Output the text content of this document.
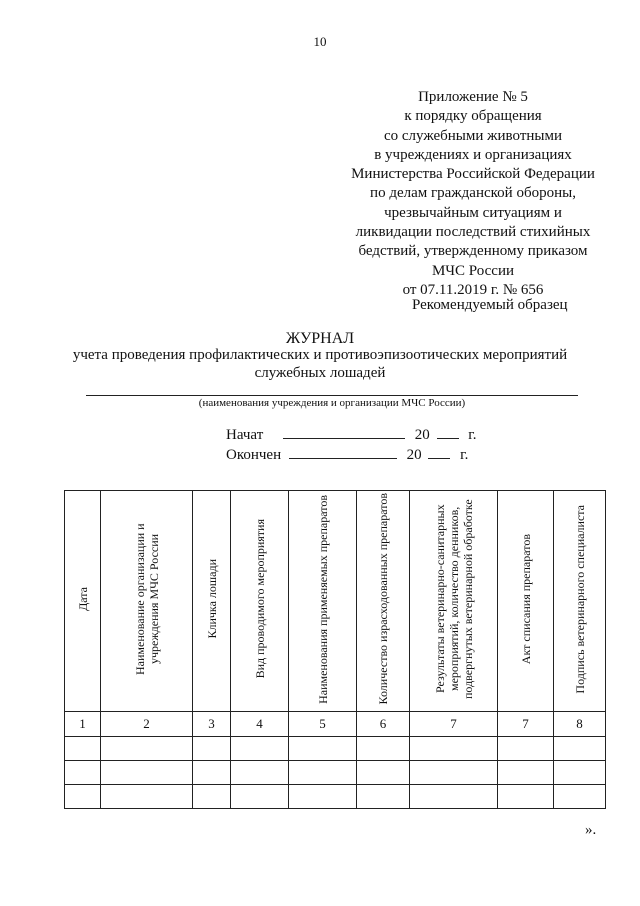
10
Приложение № 5
к порядку обращения
со служебными животными
в учреждениях и организациях
Министерства Российской Федерации
по делам гражданской обороны,
чрезвычайным ситуациям и
ликвидации последствий стихийных
бедствий, утвержденному приказом
МЧС России
от 07.11.2019 г. № 656
Рекомендуемый образец
ЖУРНАЛ
учета проведения профилактических и противоэпизоотических мероприятий
служебных лошадей
(наименования учреждения и организации МЧС России)
Начат	20	г.
Окончен	20	г.
Дата	Наименование организации и учреждения МЧС России	Кличка лошади	Вид проводимого мероприятия	Наименования применяемых препаратов	Количество израсходованных препаратов	Результаты ветеринарно-санитарных мероприятий, количество денников, подвергнутых ветеринарной обработке	Акт списания препаратов	Подпись ветеринарного специалиста
1	2	3	4	5	6	7	7	8

».
